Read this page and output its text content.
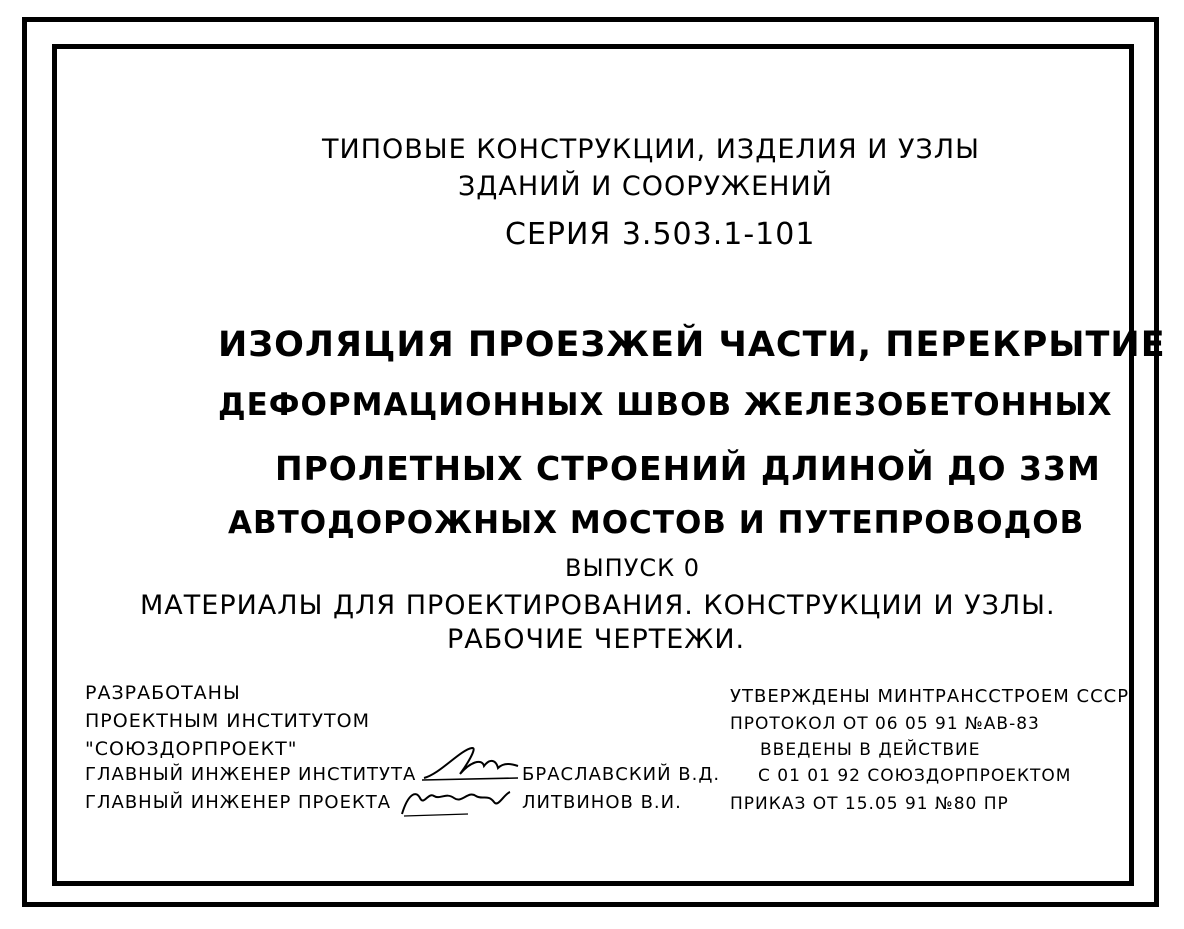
ТИПОВЫЕ КОНСТРУКЦИИ, ИЗДЕЛИЯ И УЗЛЫ
ЗДАНИЙ И СООРУЖЕНИЙ
СЕРИЯ 3.503.1-101
ИЗОЛЯЦИЯ ПРОЕЗЖЕЙ ЧАСТИ, ПЕРЕКРЫТИЕ
ДЕФОРМАЦИОННЫХ ШВОВ ЖЕЛЕЗОБЕТОННЫХ
ПРОЛЕТНЫХ СТРОЕНИЙ ДЛИНОЙ ДО 33М
АВТОДОРОЖНЫХ МОСТОВ И ПУТЕПРОВОДОВ
ВЫПУСК 0
МАТЕРИАЛЫ ДЛЯ ПРОЕКТИРОВАНИЯ. КОНСТРУКЦИИ И УЗЛЫ.
РАБОЧИЕ ЧЕРТЕЖИ.
РАЗРАБОТАНЫ
ПРОЕКТНЫМ ИНСТИТУТОМ
"СОЮЗДОРПРОЕКТ"
ГЛАВНЫЙ ИНЖЕНЕР ИНСТИТУТА
ГЛАВНЫЙ ИНЖЕНЕР ПРОЕКТА
БРАСЛАВСКИЙ В.Д.
ЛИТВИНОВ В.И.
УТВЕРЖДЕНЫ МИНТРАНССТРОЕМ СССР
ПРОТОКОЛ ОТ 06 05 91 №АВ-83
ВВЕДЕНЫ В ДЕЙСТВИЕ
С 01 01 92 СОЮЗДОРПРОЕКТОМ
ПРИКАЗ ОТ 15.05 91 №80 ПР
